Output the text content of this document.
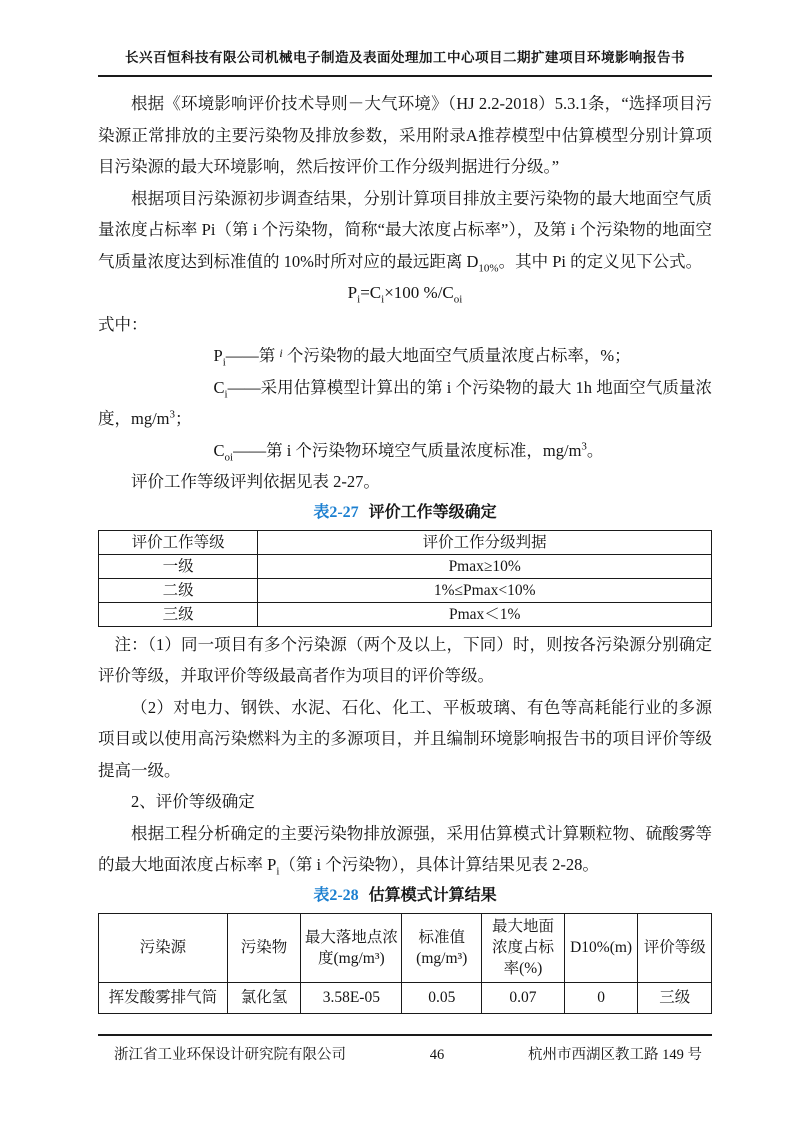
长兴百恒科技有限公司机械电子制造及表面处理加工中心项目二期扩建项目环境影响报告书

根据《环境影响评价技术导则－大气环境》（HJ 2.2-2018）5.3.1条，“选择项目污染源正常排放的主要污染物及排放参数，采用附录A推荐模型中估算模型分别计算项目污染源的最大环境影响，然后按评价工作分级判据进行分级。”

根据项目污染源初步调查结果，分别计算项目排放主要污染物的最大地面空气质量浓度占标率 Pi（第 i 个污染物，简称“最大浓度占标率”），及第 i 个污染物的地面空气质量浓度达到标准值的 10%时所对应的最远距离 $D_{10\%}$。其中 Pi 的定义见下公式。

$P_i=C_i\times 100$ $\%/C_{oi}$

式中：

$P_i——$第 $^i$ 个污染物的最大地面空气质量浓度占标率，%；

$C_i——$采用估算模型计算出的第 i 个污染物的最大 1h 地面空气质量浓度，$mg/m^3$；

$C_{oi}——$第 i 个污染物环境空气质量浓度标准，$mg/m^3$。

评价工作等级评判依据见表 2-27。

表2-27 评价工作等级确定
评价工作等级	评价工作分级判据
一级	Pmax≥10%
二级	1%≤Pmax<10%
三级	Pmax＜1%

注：（1）同一项目有多个污染源（两个及以上，下同）时，则按各污染源分别确定评价等级，并取评价等级最高者作为项目的评价等级。

（2）对电力、钢铁、水泥、石化、化工、平板玻璃、有色等高耗能行业的多源项目或以使用高污染燃料为主的多源项目，并且编制环境影响报告书的项目评价等级提高一级。

2、评价等级确定

根据工程分析确定的主要污染物排放源强，采用估算模式计算颗粒物、硫酸雾等的最大地面浓度占标率 $P_i$（第 i 个污染物），具体计算结果见表 2-28。

表2-28 估算模式计算结果
污染源	污染物	最大落地点浓度(mg/m³)	标准值(mg/m³)	最大地面浓度占标率(%)	D10%(m)	评价等级
挥发酸雾排气筒	氯化氢	3.58E-05	0.05	0.07	0	三级
浙江省工业环保设计研究院有限公司	46	杭州市西湖区教工路 149 号
